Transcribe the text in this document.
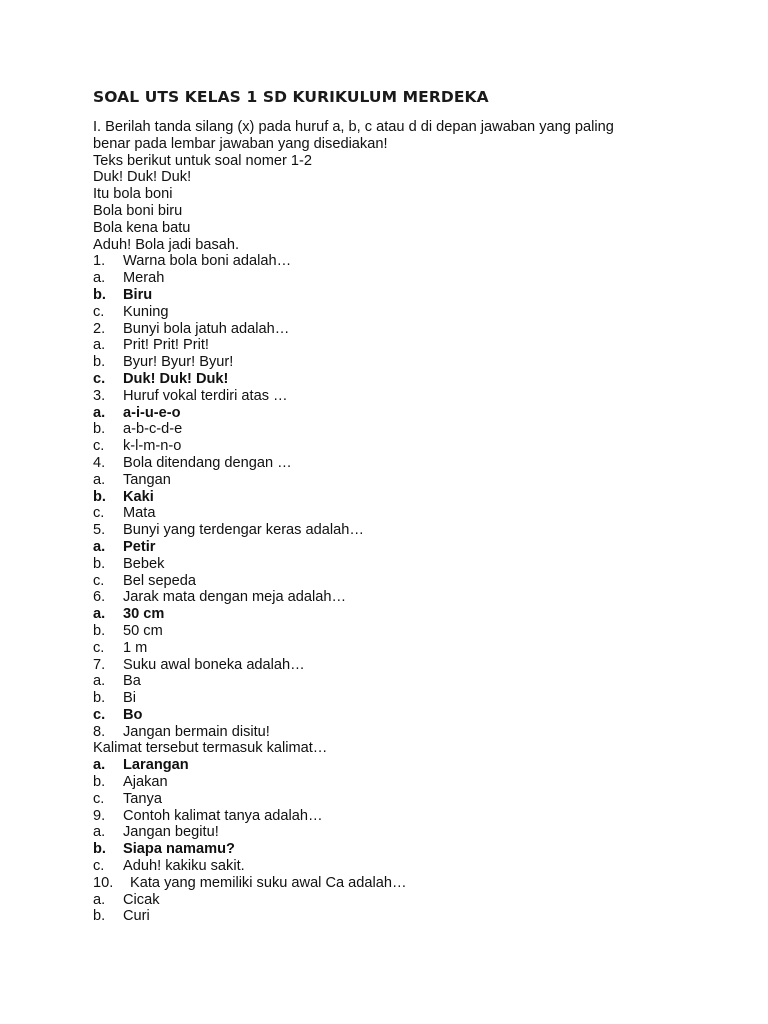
SOAL UTS KELAS 1 SD KURIKULUM MERDEKA
I. Berilah tanda silang (x) pada huruf a, b, c atau d di depan jawaban yang paling
benar pada lembar jawaban yang disediakan!
Teks berikut untuk soal nomer 1-2
Duk! Duk! Duk!
Itu bola boni
Bola boni biru
Bola kena batu
Aduh! Bola jadi basah.
1.	Warna bola boni adalah…
a.	Merah
b.	Biru
c.	Kuning
2.	Bunyi bola jatuh adalah…
a.	Prit! Prit! Prit!
b.	Byur! Byur! Byur!
c.	Duk! Duk! Duk!
3.	Huruf vokal terdiri atas …
a.	a-i-u-e-o
b.	a-b-c-d-e
c.	k-l-m-n-o
4.	Bola ditendang dengan …
a.	Tangan
b.	Kaki
c.	Mata
5.	Bunyi yang terdengar keras adalah…
a.	Petir
b.	Bebek
c.	Bel sepeda
6.	Jarak mata dengan meja adalah…
a.	30 cm
b.	50 cm
c.	1 m
7.	Suku awal boneka adalah…
a.	Ba
b.	Bi
c.	Bo
8.	Jangan bermain disitu!
Kalimat tersebut termasuk kalimat…
a.	Larangan
b.	Ajakan
c.	Tanya
9.	Contoh kalimat tanya adalah…
a.	Jangan begitu!
b.	Siapa namamu?
c.	Aduh! kakiku sakit.
10.	Kata yang memiliki suku awal Ca adalah…
a.	Cicak
b.	Curi
